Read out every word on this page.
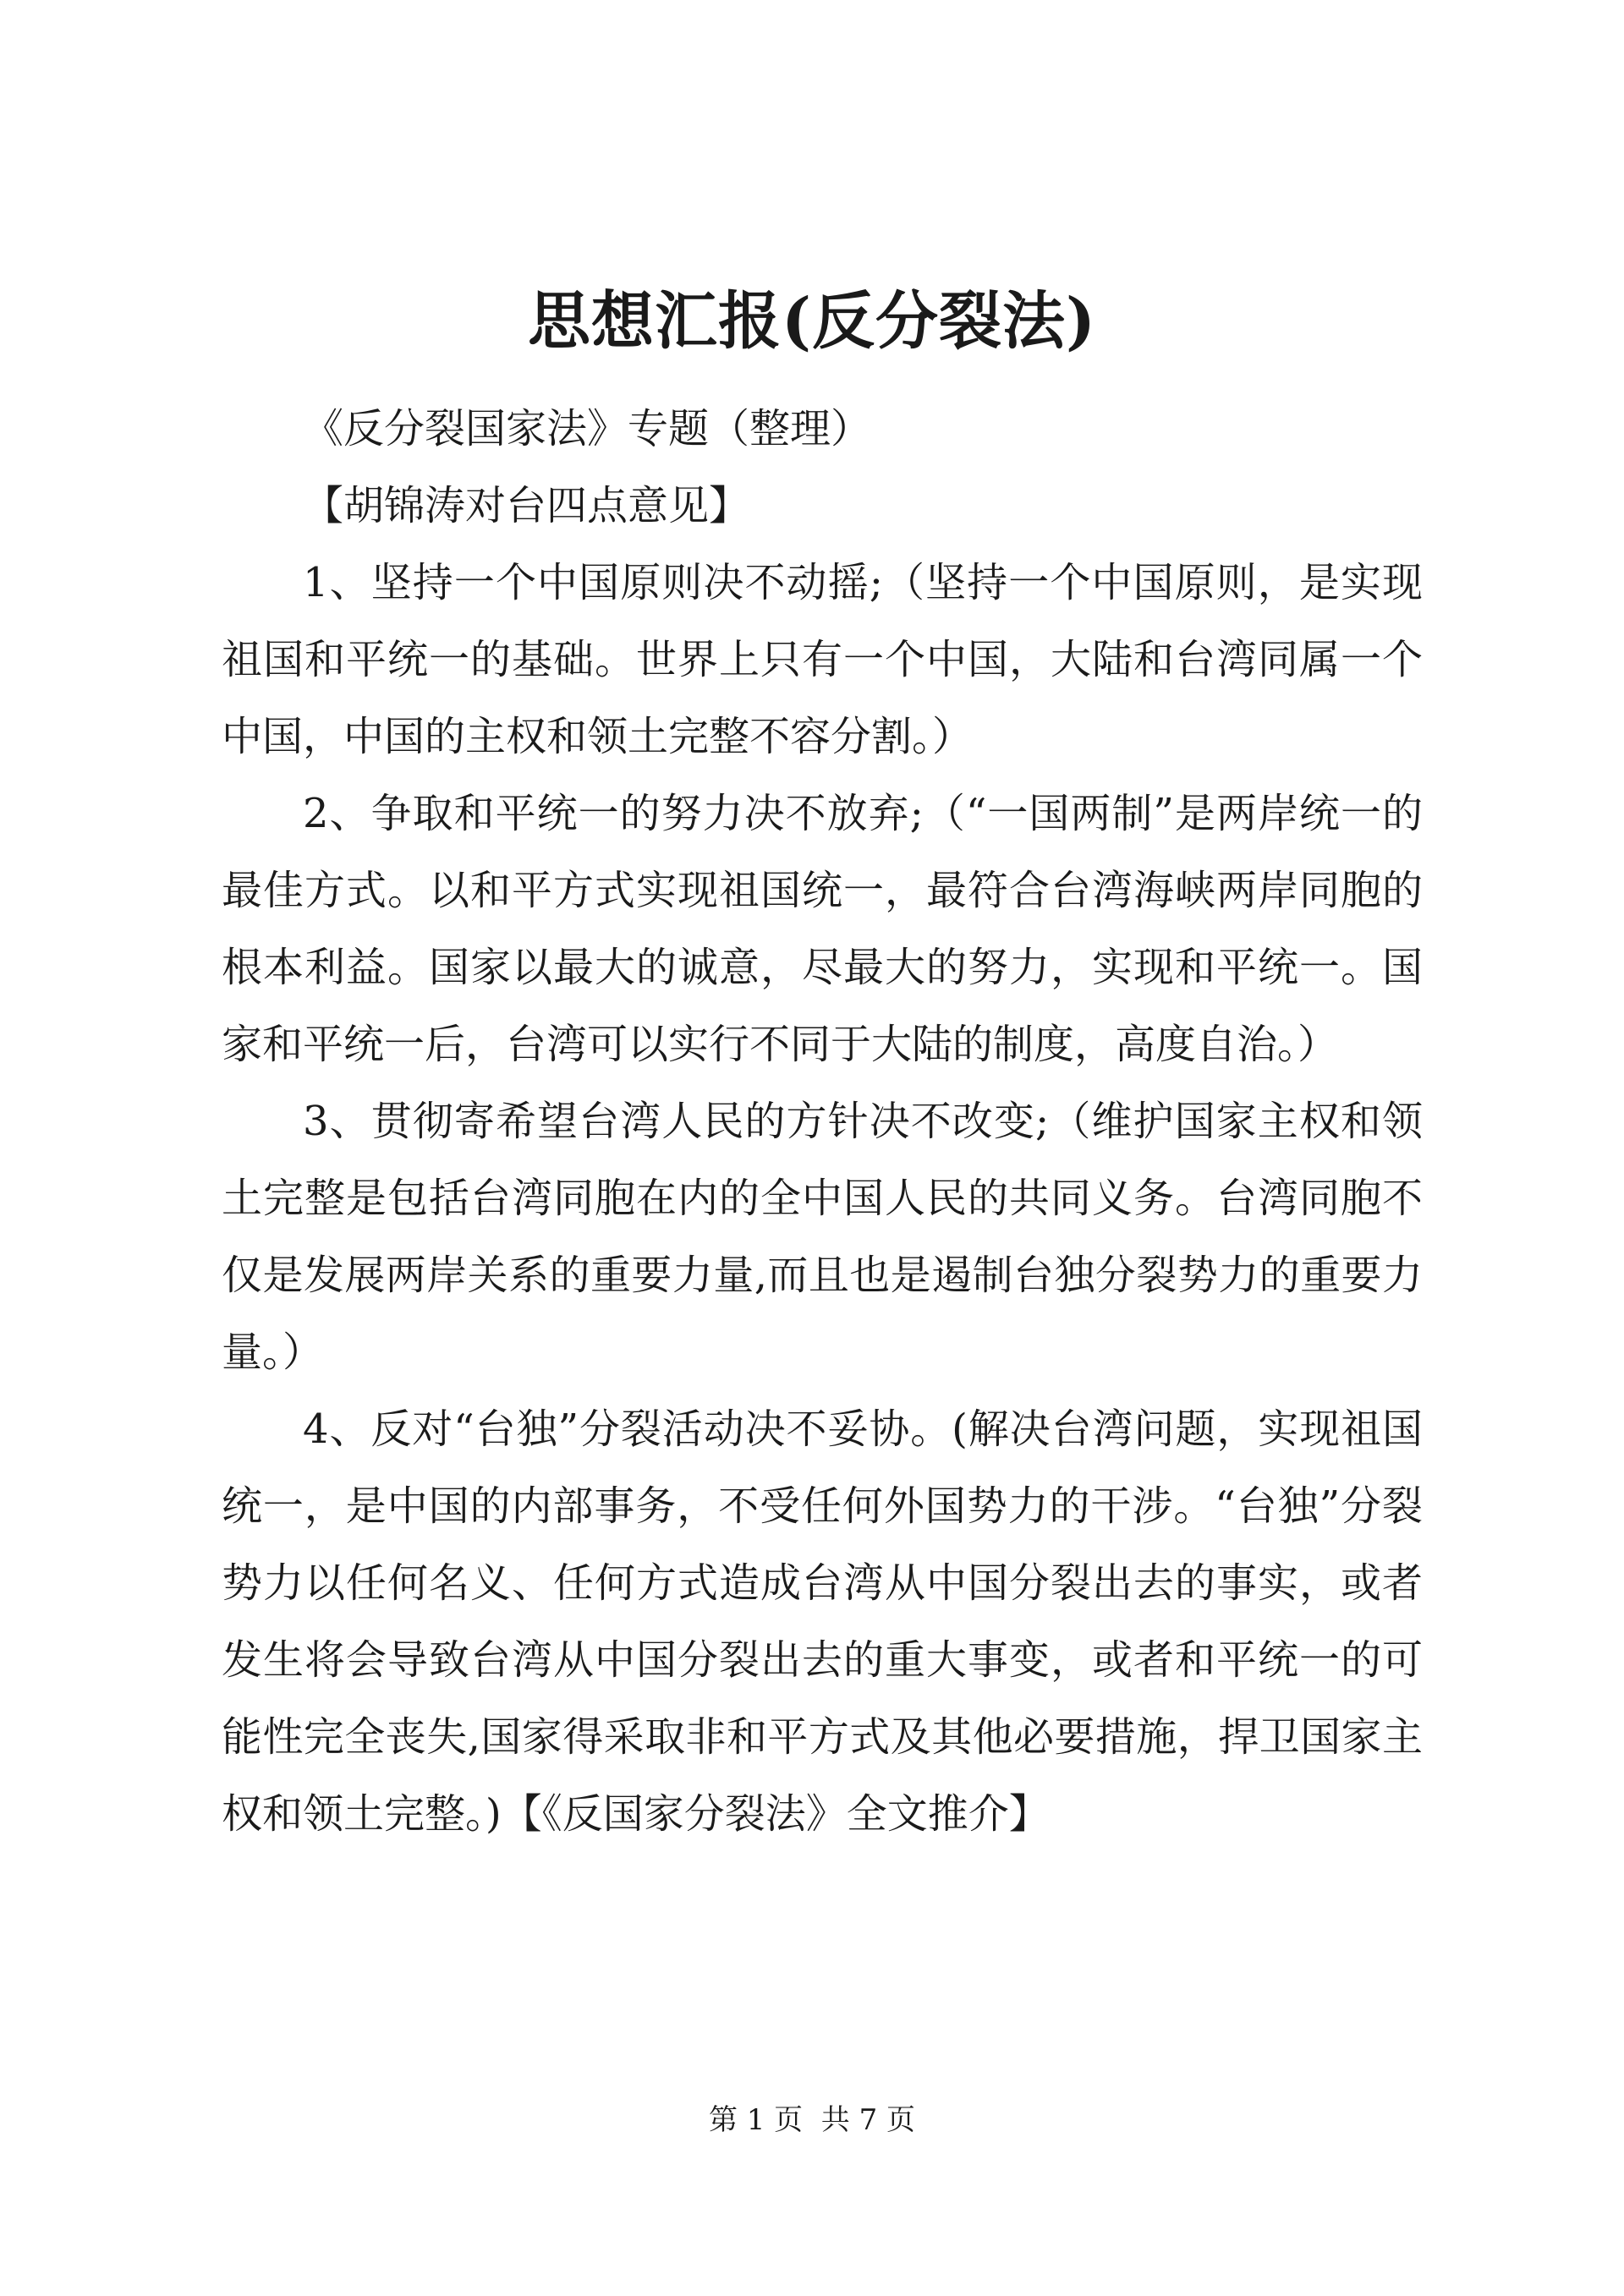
思想汇报(反分裂法)

《反分裂国家法》专题（整理）

【胡锦涛对台四点意见】

1、坚持一个中国原则决不动摇;（坚持一个中国原则，是实现祖国和平统一的基础。世界上只有一个中国，大陆和台湾同属一个中国，中国的主权和领土完整不容分割。）

2、争取和平统一的努力决不放弃;（“一国两制”是两岸统一的最佳方式。以和平方式实现祖国统一，最符合台湾海峡两岸同胞的根本利益。国家以最大的诚意，尽最大的努力，实现和平统一。国家和平统一后，台湾可以实行不同于大陆的制度，高度自治。）

3、贯彻寄希望台湾人民的方针决不改变;（维护国家主权和领土完整是包括台湾同胞在内的全中国人民的共同义务。台湾同胞不仅是发展两岸关系的重要力量,而且也是遏制台独分裂势力的重要力量。）

4、反对“台独”分裂活动决不妥协。(解决台湾问题，实现祖国统一，是中国的内部事务，不受任何外国势力的干涉。“台独”分裂势力以任何名义、任何方式造成台湾从中国分裂出去的事实，或者发生将会导致台湾从中国分裂出去的重大事变，或者和平统一的可能性完全丧失,国家得采取非和平方式及其他必要措施，捍卫国家主权和领土完整。)【《反国家分裂法》全文推介】

第 1 页  共 7 页
